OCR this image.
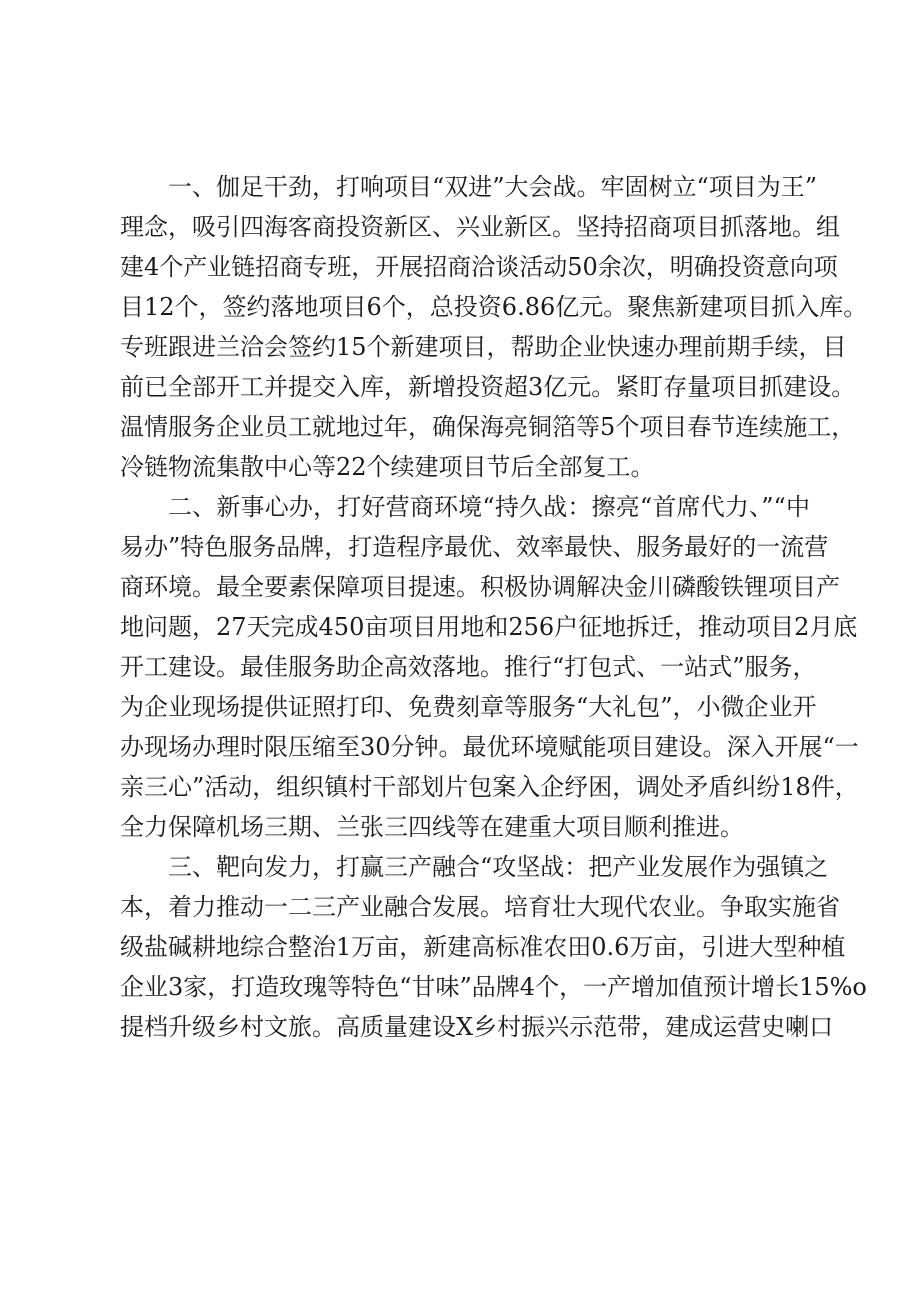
一、伽足干劲，打响项目“双进”大会战。牢固树立“项目为王”
理念，吸引四海客商投资新区、兴业新区。坚持招商项目抓落地。组
建4个产业链招商专班，开展招商洽谈活动50余次，明确投资意向项
目12个，签约落地项目6个，总投资6.86亿元。聚焦新建项目抓入库。
专班跟进兰洽会签约15个新建项目，帮助企业快速办理前期手续，目
前已全部开工并提交入库，新增投资超3亿元。紧盯存量项目抓建设。
温情服务企业员工就地过年，确保海亮铜箔等5个项目春节连续施工，
冷链物流集散中心等22个续建项目节后全部复工。
二、新事心办，打好营商环境“持久战：擦亮“首席代力、”“中
易办”特色服务品牌，打造程序最优、效率最快、服务最好的一流营
商环境。最全要素保障项目提速。积极协调解决金川磷酸铁锂项目产
地问题，27天完成450亩项目用地和256户征地拆迁，推动项目2月底
开工建设。最佳服务助企高效落地。推行“打包式、一站式”服务，
为企业现场提供证照打印、免费刻章等服务“大礼包”，小微企业开
办现场办理时限压缩至30分钟。最优环境赋能项目建设。深入开展“一
亲三心”活动，组织镇村干部划片包案入企纾困，调处矛盾纠纷18件，
全力保障机场三期、兰张三四线等在建重大项目顺利推进。
三、靶向发力，打赢三产融合“攻坚战：把产业发展作为强镇之
本，着力推动一二三产业融合发展。培育壮大现代农业。争取实施省
级盐碱耕地综合整治1万亩，新建高标准农田0.6万亩，引进大型种植
企业3家，打造玫瑰等特色“甘味”品牌4个，一产增加值预计增长15%o
提档升级乡村文旅。高质量建设X乡村振兴示范带，建成运营史喇口
